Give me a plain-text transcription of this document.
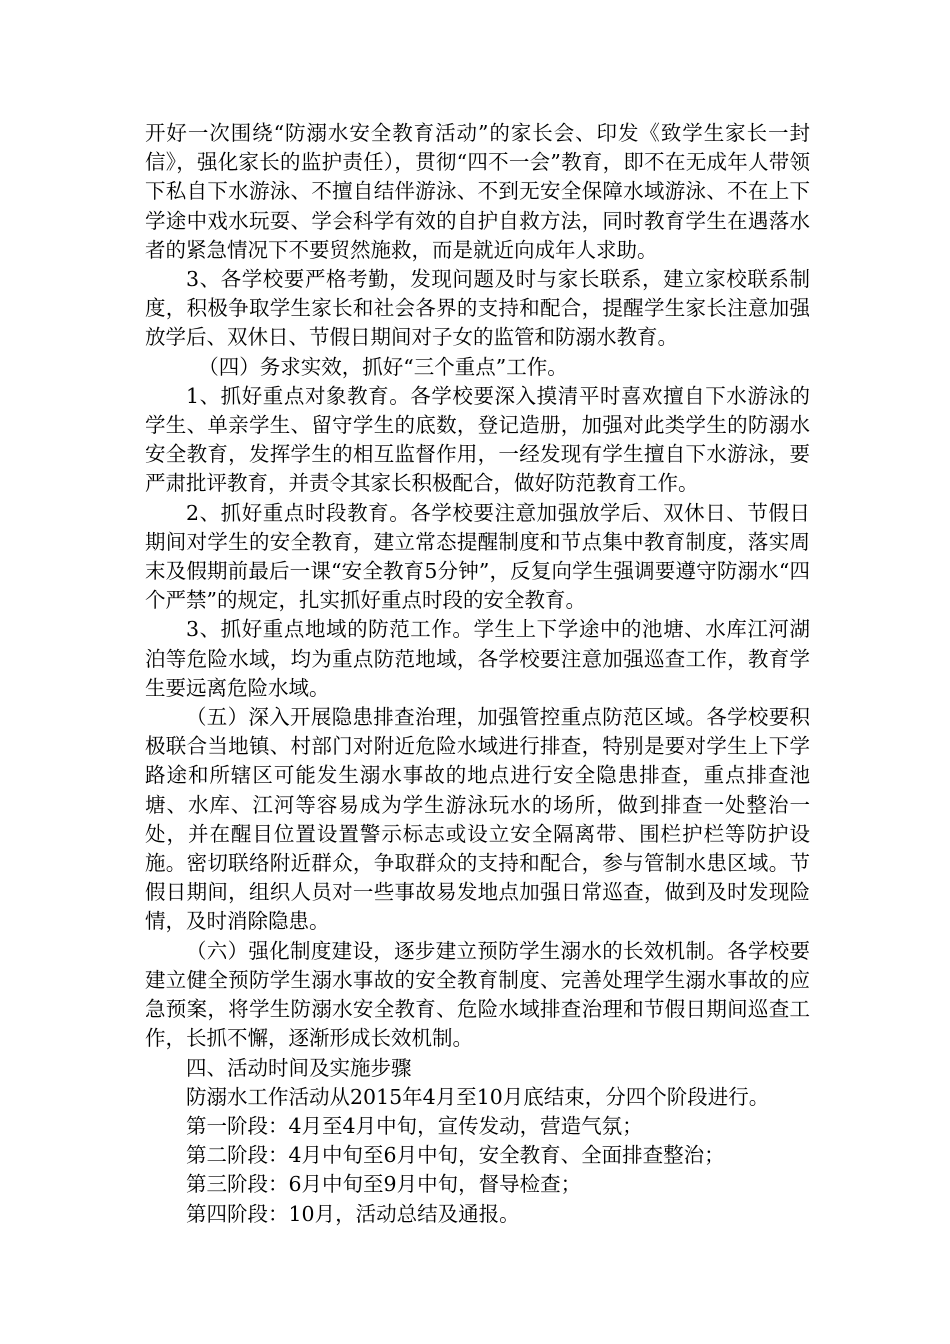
开好一次围绕“防溺水安全教育活动”的家长会、印发《致学生家长一封信》，强化家长的监护责任），贯彻“四不一会”教育，即不在无成年人带领下私自下水游泳、不擅自结伴游泳、不到无安全保障水域游泳、不在上下学途中戏水玩耍、学会科学有效的自护自救方法，同时教育学生在遇落水者的紧急情况下不要贸然施救，而是就近向成年人求助。

3、各学校要严格考勤，发现问题及时与家长联系，建立家校联系制度，积极争取学生家长和社会各界的支持和配合，提醒学生家长注意加强放学后、双休日、节假日期间对子女的监管和防溺水教育。

（四）务求实效，抓好“三个重点”工作。

1、抓好重点对象教育。各学校要深入摸清平时喜欢擅自下水游泳的学生、单亲学生、留守学生的底数，登记造册，加强对此类学生的防溺水安全教育，发挥学生的相互监督作用，一经发现有学生擅自下水游泳，要严肃批评教育，并责令其家长积极配合，做好防范教育工作。

2、抓好重点时段教育。各学校要注意加强放学后、双休日、节假日期间对学生的安全教育，建立常态提醒制度和节点集中教育制度，落实周末及假期前最后一课“安全教育5分钟”，反复向学生强调要遵守防溺水“四个严禁”的规定，扎实抓好重点时段的安全教育。

3、抓好重点地域的防范工作。学生上下学途中的池塘、水库江河湖泊等危险水域，均为重点防范地域，各学校要注意加强巡查工作，教育学生要远离危险水域。

（五）深入开展隐患排查治理，加强管控重点防范区域。各学校要积极联合当地镇、村部门对附近危险水域进行排查，特别是要对学生上下学路途和所辖区可能发生溺水事故的地点进行安全隐患排查，重点排查池塘、水库、江河等容易成为学生游泳玩水的场所，做到排查一处整治一处，并在醒目位置设置警示标志或设立安全隔离带、围栏护栏等防护设施。密切联络附近群众，争取群众的支持和配合，参与管制水患区域。节假日期间，组织人员对一些事故易发地点加强日常巡查，做到及时发现险情，及时消除隐患。

（六）强化制度建设，逐步建立预防学生溺水的长效机制。各学校要建立健全预防学生溺水事故的安全教育制度、完善处理学生溺水事故的应急预案，将学生防溺水安全教育、危险水域排查治理和节假日期间巡查工作，长抓不懈，逐渐形成长效机制。

四、活动时间及实施步骤

防溺水工作活动从2015年4月至10月底结束，分四个阶段进行。

第一阶段：4月至4月中旬，宣传发动，营造气氛；

第二阶段：4月中旬至6月中旬，安全教育、全面排查整治；

第三阶段：6月中旬至9月中旬，督导检查；

第四阶段：10月，活动总结及通报。
